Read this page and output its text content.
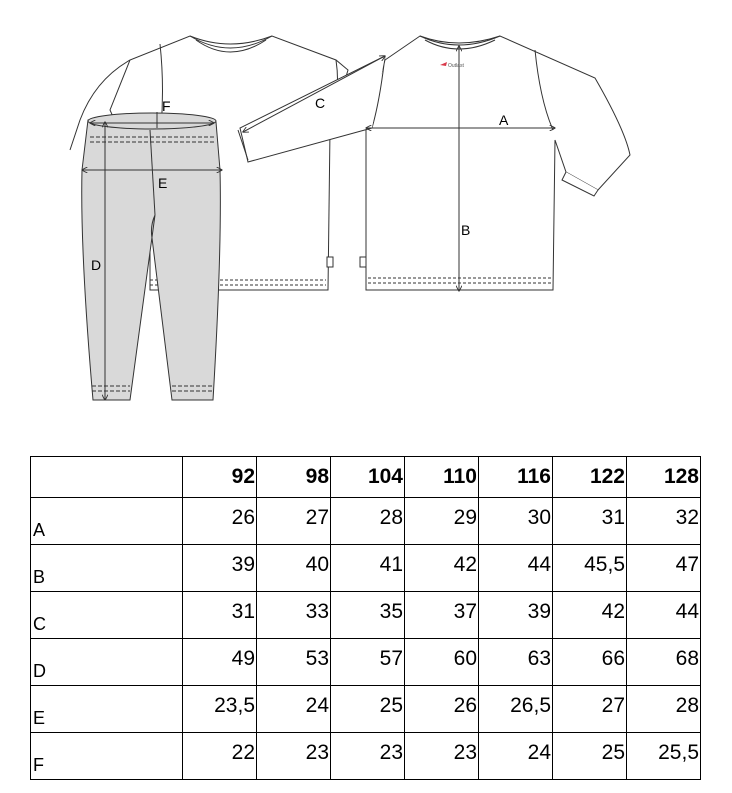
F
E
D
Outlast
C
A
B
	92	98	104	110	116	122	128
A	26	27	28	29	30	31	32
B	39	40	41	42	44	45,5	47
C	31	33	35	37	39	42	44
D	49	53	57	60	63	66	68
E	23,5	24	25	26	26,5	27	28
F	22	23	23	23	24	25	25,5
